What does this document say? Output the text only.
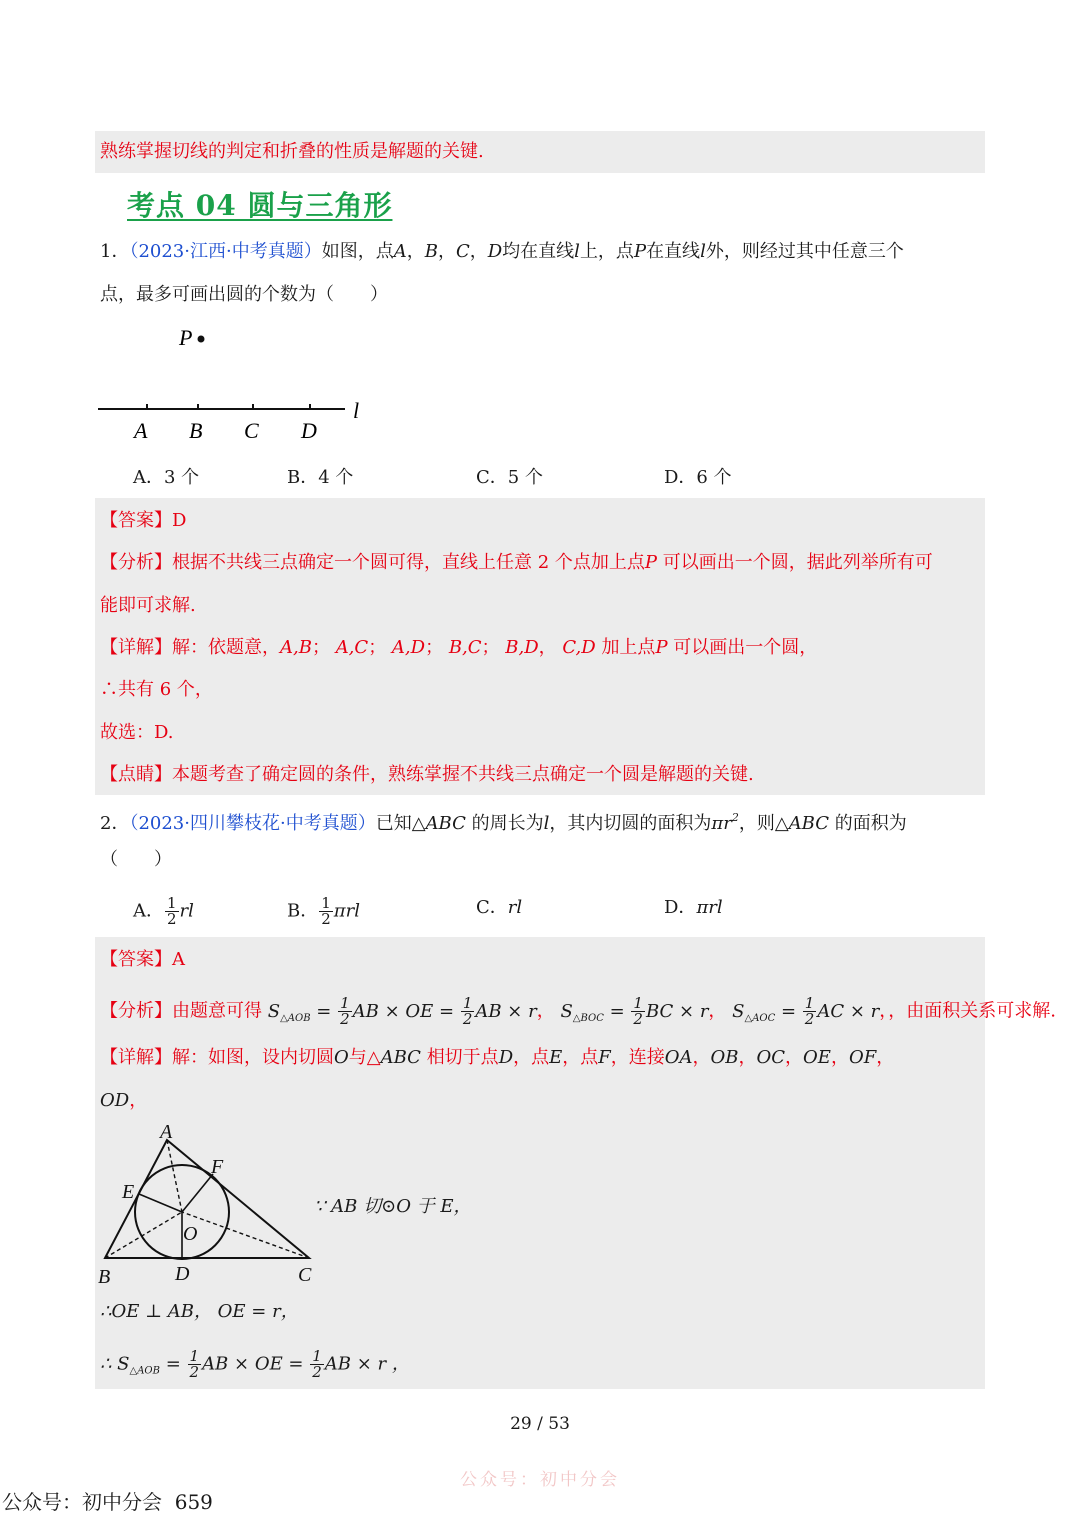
熟练掌握切线的判定和折叠的性质是解题的关键.
考点 04 圆与三角形
1．（2023·江西·中考真题）如图，点A，B，C，D均在直线l上，点P在直线l外，则经过其中任意三个
点，最多可画出圆的个数为（　　）
P
l
A B C D
A．3 个	B．4 个	C．5 个	D．6 个
【答案】D
【分析】根据不共线三点确定一个圆可得，直线上任意 2 个点加上点P 可以画出一个圆，据此列举所有可
能即可求解.
【详解】解：依题意，A,B； A,C； A,D； B,C； B,D， C,D 加上点P 可以画出一个圆，
∴共有 6 个，
故选：D.
【点睛】本题考查了确定圆的条件，熟练掌握不共线三点确定一个圆是解题的关键.
2．（2023·四川攀枝花·中考真题）已知△ABC 的周长为l，其内切圆的面积为$\pi r^2$，则△ABC 的面积为
（　　）
A． $\frac{1}{2}$ rl	B． $\frac{1}{2}$ πrl	C．rl	D．πrl
【答案】A
【分析】由题意可得 $S_{\triangle AOB} = \frac{1}{2}$ AB × OE = $\frac{1}{2}$ AB × r， $S_{\triangle BOC} = \frac{1}{2}$ BC × r， $S_{\triangle AOC} = \frac{1}{2}$ AC × r，，由面积关系可求解.
【详解】解：如图，设内切圆O与△ABC 相切于点D，点E，点F，连接OA，OB，OC，OE，OF，
OD，
A
F
E
O
B	D	C
∵ AB 切⊙O 于 E，
∴OE ⊥ AB， OE = r，
∴ $S_{\triangle AOB} = \frac{1}{2}$ AB × OE = $\frac{1}{2}$ AB × r ，
29 / 53
公众号：初中分会
公众号：初中分会  659
